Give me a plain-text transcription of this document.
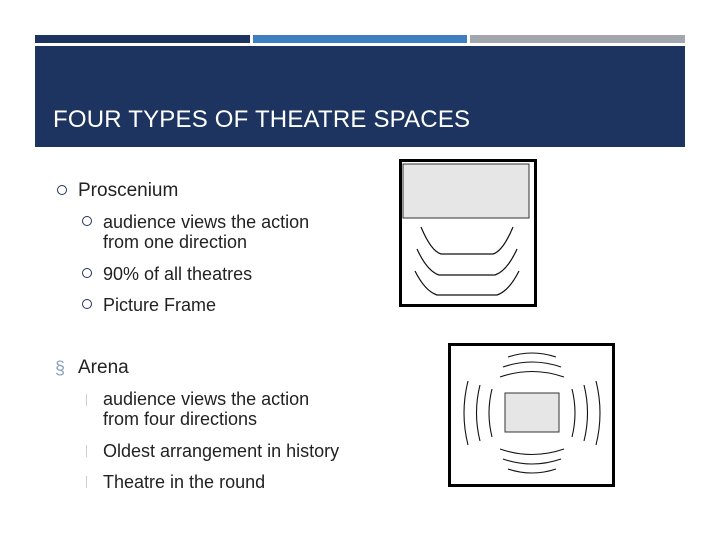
FOUR TYPES OF THEATRE SPACES
Proscenium
audience views the action
from one direction
90% of all theatres
Picture Frame
§ Arena
audience views the action
from four directions
Oldest arrangement in history
Theatre in the round
